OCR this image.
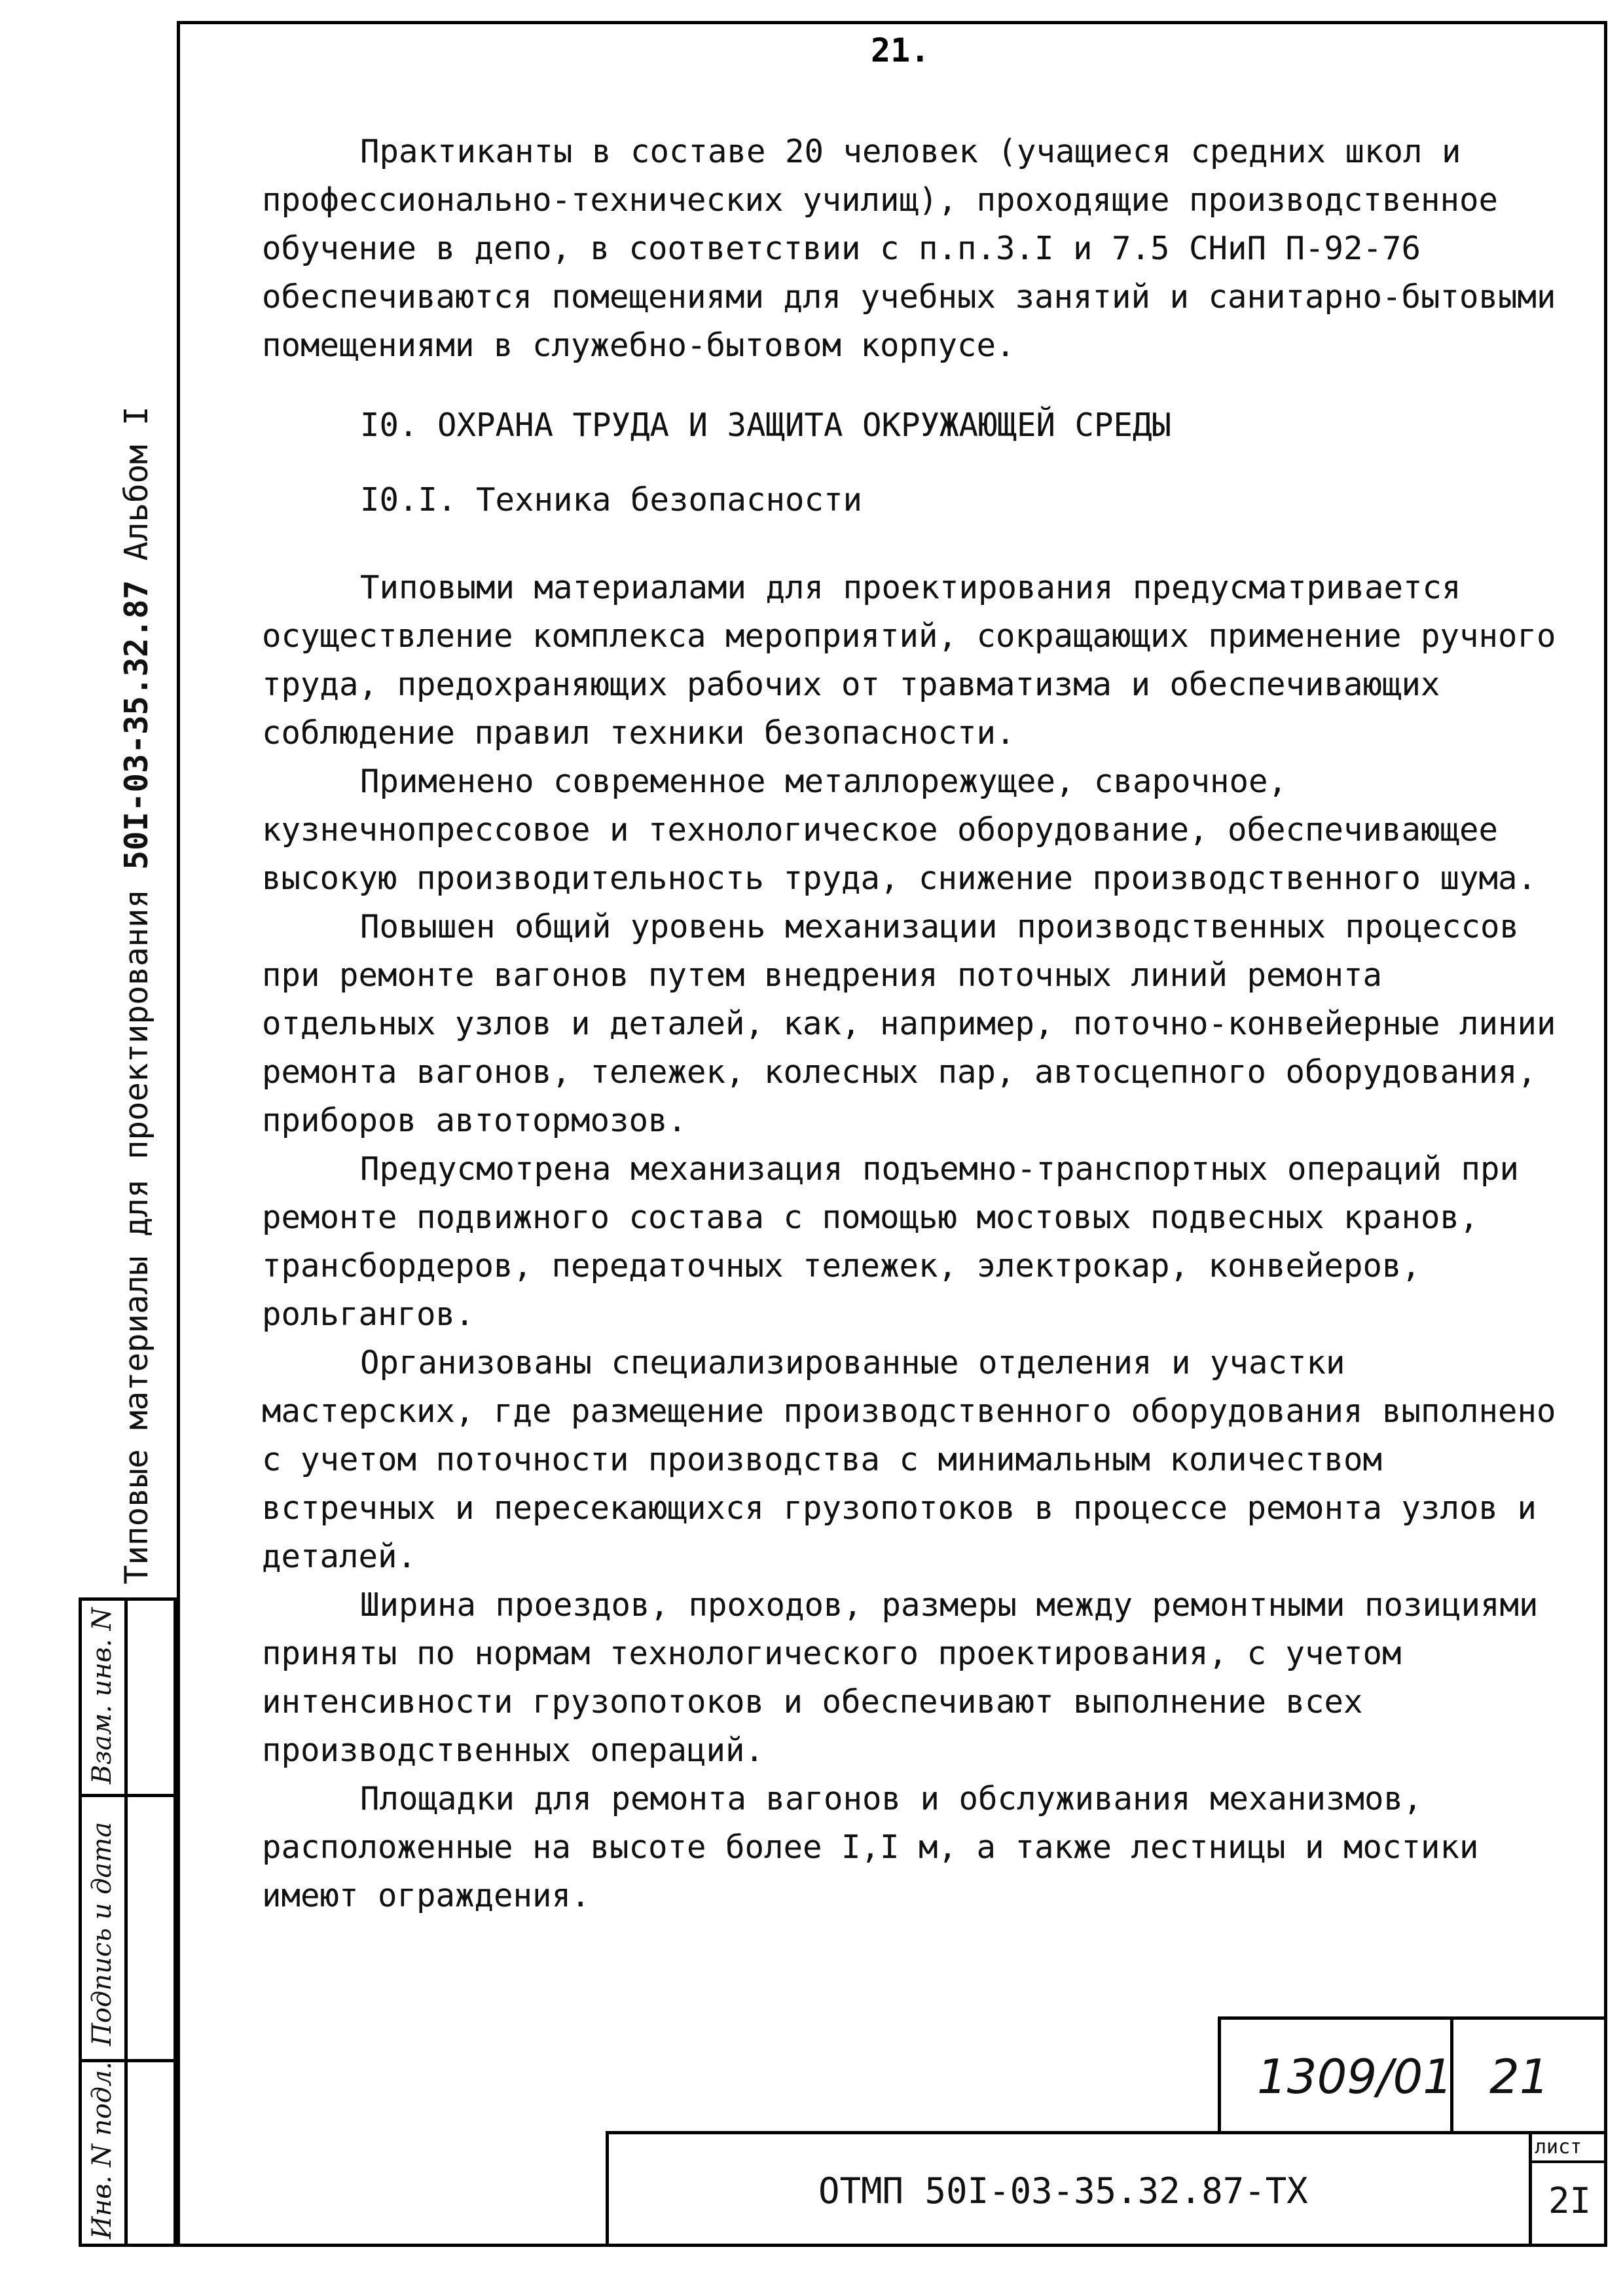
21.

Практиканты в составе 20 человек (учащиеся средних школ и профессионально-технических училищ), проходящие производственное обучение в депо, в соответствии с п.п.3.I и 7.5 СНиП П-92-76 обеспечиваются помещениями для учебных занятий и санитарно-бытовыми помещениями в служебно-бытовом корпусе.

I0. ОХРАНА ТРУДА И ЗАЩИТА ОКРУЖАЮЩЕЙ СРЕДЫ

I0.I. Техника безопасности

Типовыми материалами для проектирования предусматривается осуществление комплекса мероприятий, сокращающих применение ручного труда, предохраняющих рабочих от травматизма и обеспечивающих соблюдение правил техники безопасности.

Применено современное металлорежущее, сварочное, кузнечнопрессовое и технологическое оборудование, обеспечивающее высокую производительность труда, снижение производственного шума.

Повышен общий уровень механизации производственных процессов при ремонте вагонов путем внедрения поточных линий ремонта отдельных узлов и деталей, как, например, поточно-конвейерные линии ремонта вагонов, тележек, колесных пар, автосцепного оборудования, приборов автотормозов.

Предусмотрена механизация подъемно-транспортных операций при ремонте подвижного состава с помощью мостовых подвесных кранов, трансбордеров, передаточных тележек, электрокар, конвейеров, рольгангов.

Организованы специализированные отделения и участки мастерских, где размещение производственного оборудования выполнено с учетом поточности производства с минимальным количеством встречных и пересекающихся грузопотоков в процессе ремонта узлов и деталей.

Ширина проездов, проходов, размеры между ремонтными позициями приняты по нормам технологического проектирования, с учетом интенсивности грузопотоков и обеспечивают выполнение всех производственных операций.

Площадки для ремонта вагонов и обслуживания механизмов, расположенные на высоте более I,I м, а также лестницы и мостики имеют ограждения.

Типовые материалы для проектирования 50I-03-35.32.87 Альбом I
Взам. инв. N
Подпись и дата
Инв. N подл.	1309/01 21
ОТМП 50I-03-35.32.87-ТХ
лист
2I
